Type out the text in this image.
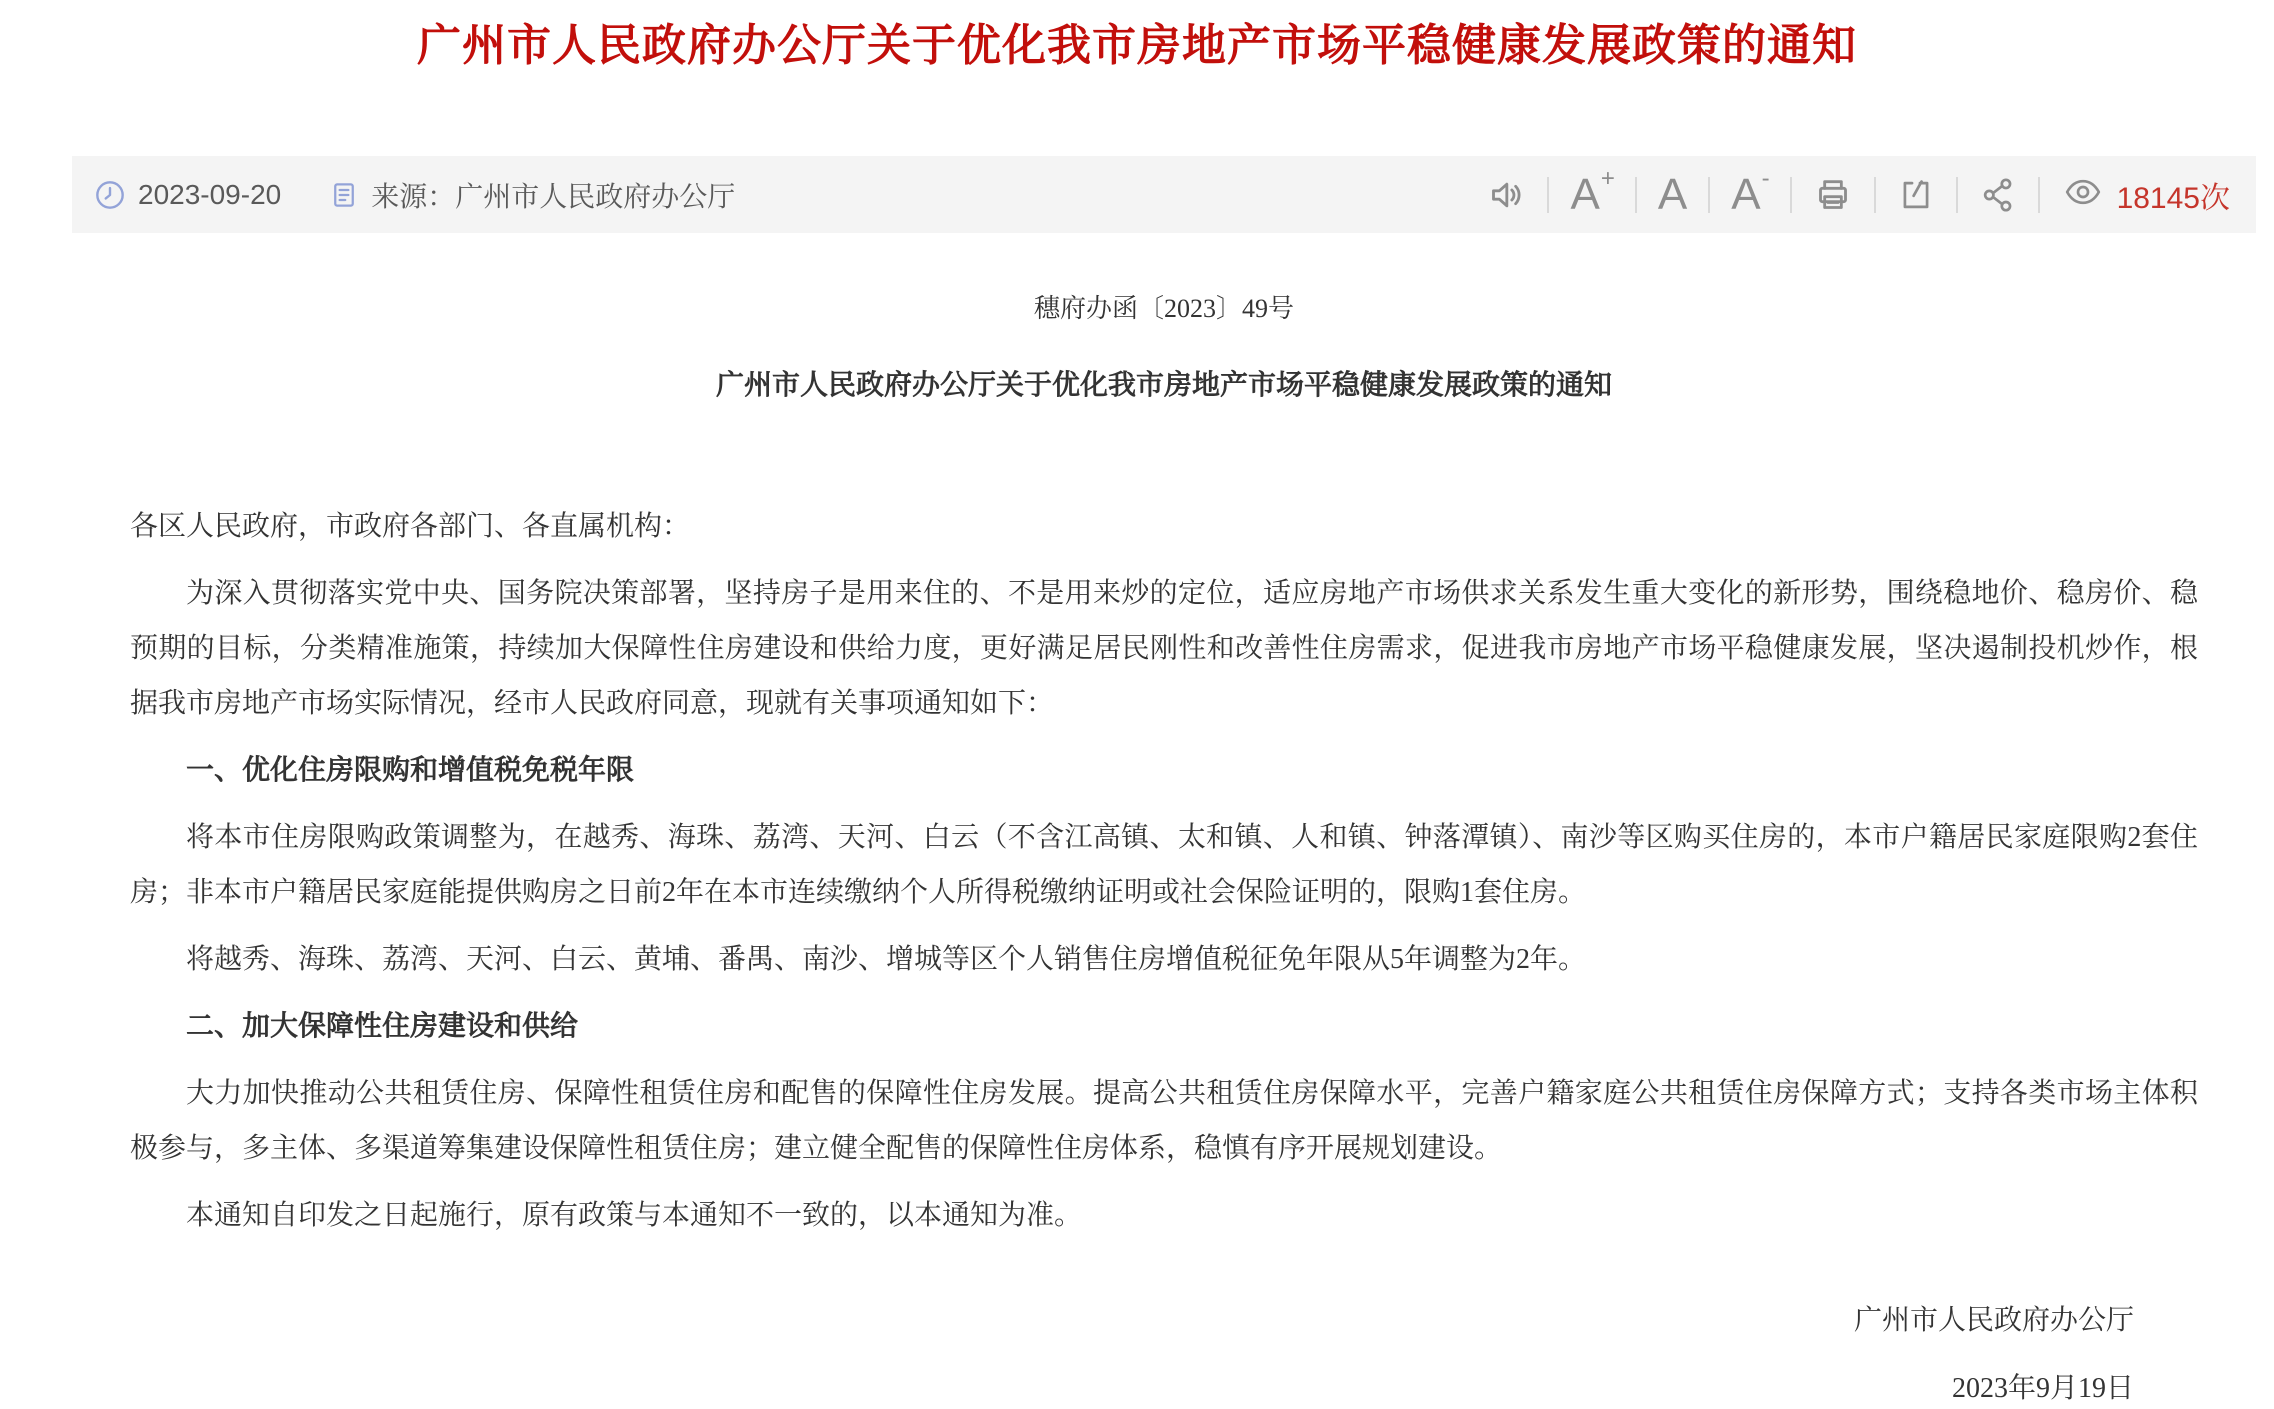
广州市人民政府办公厅关于优化我市房地产市场平稳健康发展政策的通知
2023-09-20	来源：广州市人民政府办公厅	A + A A -
18145次

穗府办函〔2023〕49号

广州市人民政府办公厅关于优化我市房地产市场平稳健康发展政策的通知

各区人民政府，市政府各部门、各直属机构：

为深入贯彻落实党中央、国务院决策部署，坚持房子是用来住的、不是用来炒的定位，适应房地产市场供求关系发生重大变化的新形势，围绕稳地价、稳房价、稳预期的目标，分类精准施策，持续加大保障性住房建设和供给力度，更好满足居民刚性和改善性住房需求，促进我市房地产市场平稳健康发展，坚决遏制投机炒作，根据我市房地产市场实际情况，经市人民政府同意，现就有关事项通知如下：

一、优化住房限购和增值税免税年限

将本市住房限购政策调整为，在越秀、海珠、荔湾、天河、白云（不含江高镇、太和镇、人和镇、钟落潭镇）、南沙等区购买住房的，本市户籍居民家庭限购2套住房；非本市户籍居民家庭能提供购房之日前2年在本市连续缴纳个人所得税缴纳证明或社会保险证明的，限购1套住房。

将越秀、海珠、荔湾、天河、白云、黄埔、番禺、南沙、增城等区个人销售住房增值税征免年限从5年调整为2年。

二、加大保障性住房建设和供给

大力加快推动公共租赁住房、保障性租赁住房和配售的保障性住房发展。提高公共租赁住房保障水平，完善户籍家庭公共租赁住房保障方式；支持各类市场主体积极参与，多主体、多渠道筹集建设保障性租赁住房；建立健全配售的保障性住房体系，稳慎有序开展规划建设。

本通知自印发之日起施行，原有政策与本通知不一致的，以本通知为准。

广州市人民政府办公厅
2023年9月19日
